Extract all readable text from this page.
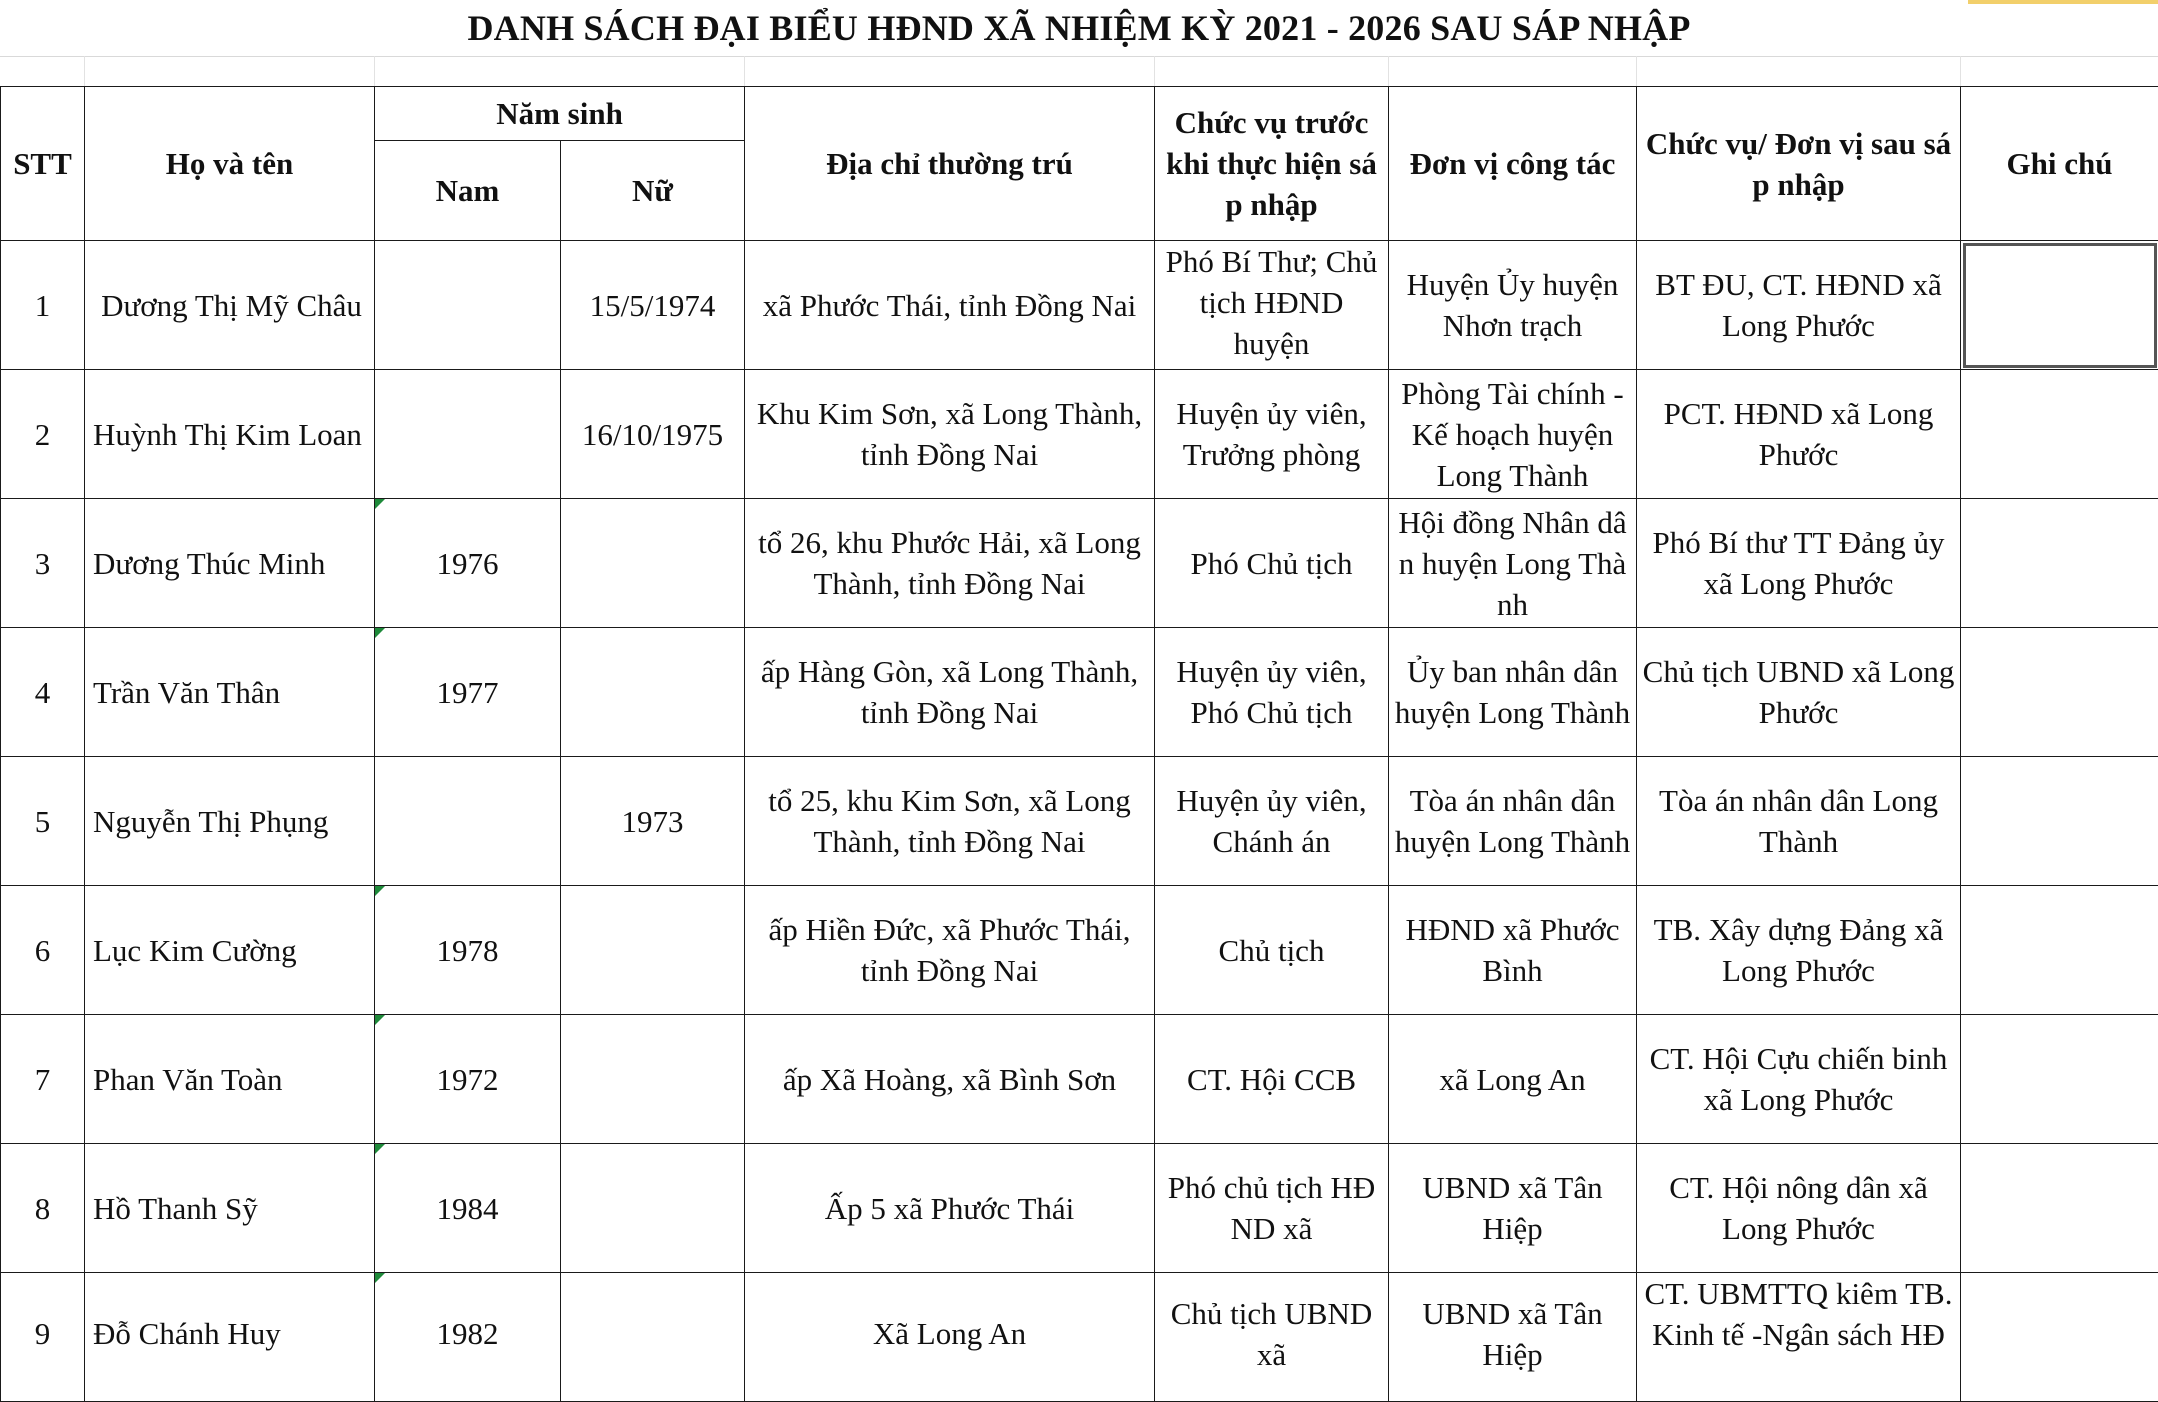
DANH SÁCH ĐẠI BIỂU HĐND XÃ NHIỆM KỲ 2021 - 2026 SAU SÁP NHẬP
STT	Họ và tên	Năm sinh		Địa chỉ thường trú	Chức vụ trước khi thực hiện sá p nhập	Đơn vị công tác	Chức vụ/ Đơn vị sau sá p nhập	Ghi chú
		Nam	Nữ					
1	Dương Thị Mỹ Châu		15/5/1974	xã Phước Thái, tỉnh Đồng Nai	Phó Bí Thư; Chủ tịch HĐND huyện	Huyện Ủy huyện Nhơn trạch	BT ĐU, CT. HĐND xã Long Phước	
2	Huỳnh Thị Kim Loan		16/10/1975	Khu Kim Sơn, xã Long Thành, tỉnh Đồng Nai	Huyện ủy viên, Trưởng phòng	Phòng Tài chính - Kế hoạch huyện Long Thành	PCT. HĐND xã Long Phước	
3	Dương Thúc Minh	1976		tổ 26, khu Phước Hải, xã Long Thành, tỉnh Đồng Nai	Phó Chủ tịch	Hội đồng Nhân dâ n huyện Long Thà nh	Phó Bí thư TT Đảng ủy xã Long Phước	
4	Trần Văn Thân	1977		ấp Hàng Gòn, xã Long Thành, tỉnh Đồng Nai	Huyện ủy viên, Phó Chủ tịch	Ủy ban nhân dân huyện Long Thành	Chủ tịch UBND xã Long Phước	
5	Nguyễn Thị Phụng		1973	tổ 25, khu Kim Sơn, xã Long Thành, tỉnh Đồng Nai	Huyện ủy viên, Chánh án	Tòa án nhân dân huyện Long Thành	Tòa án nhân dân Long Thành	
6	Lục Kim Cường	1978		ấp Hiền Đức, xã Phước Thái, tỉnh Đồng Nai	Chủ tịch	HĐND xã Phước Bình	TB. Xây dựng Đảng xã Long Phước	
7	Phan Văn Toàn	1972		ấp Xã Hoàng, xã Bình Sơn	CT. Hội CCB	xã Long An	CT. Hội Cựu chiến binh xã Long Phước	
8	Hồ Thanh Sỹ	1984		Ấp 5 xã Phước Thái	Phó chủ tịch HĐ ND xã	UBND xã Tân Hiệp	CT. Hội nông dân xã Long Phước	
9	Đỗ Chánh Huy	1982		Xã Long An	Chủ tịch UBND xã	UBND xã Tân Hiệp	CT. UBMTTQ kiêm TB. Kinh tế -Ngân sách HĐ	
